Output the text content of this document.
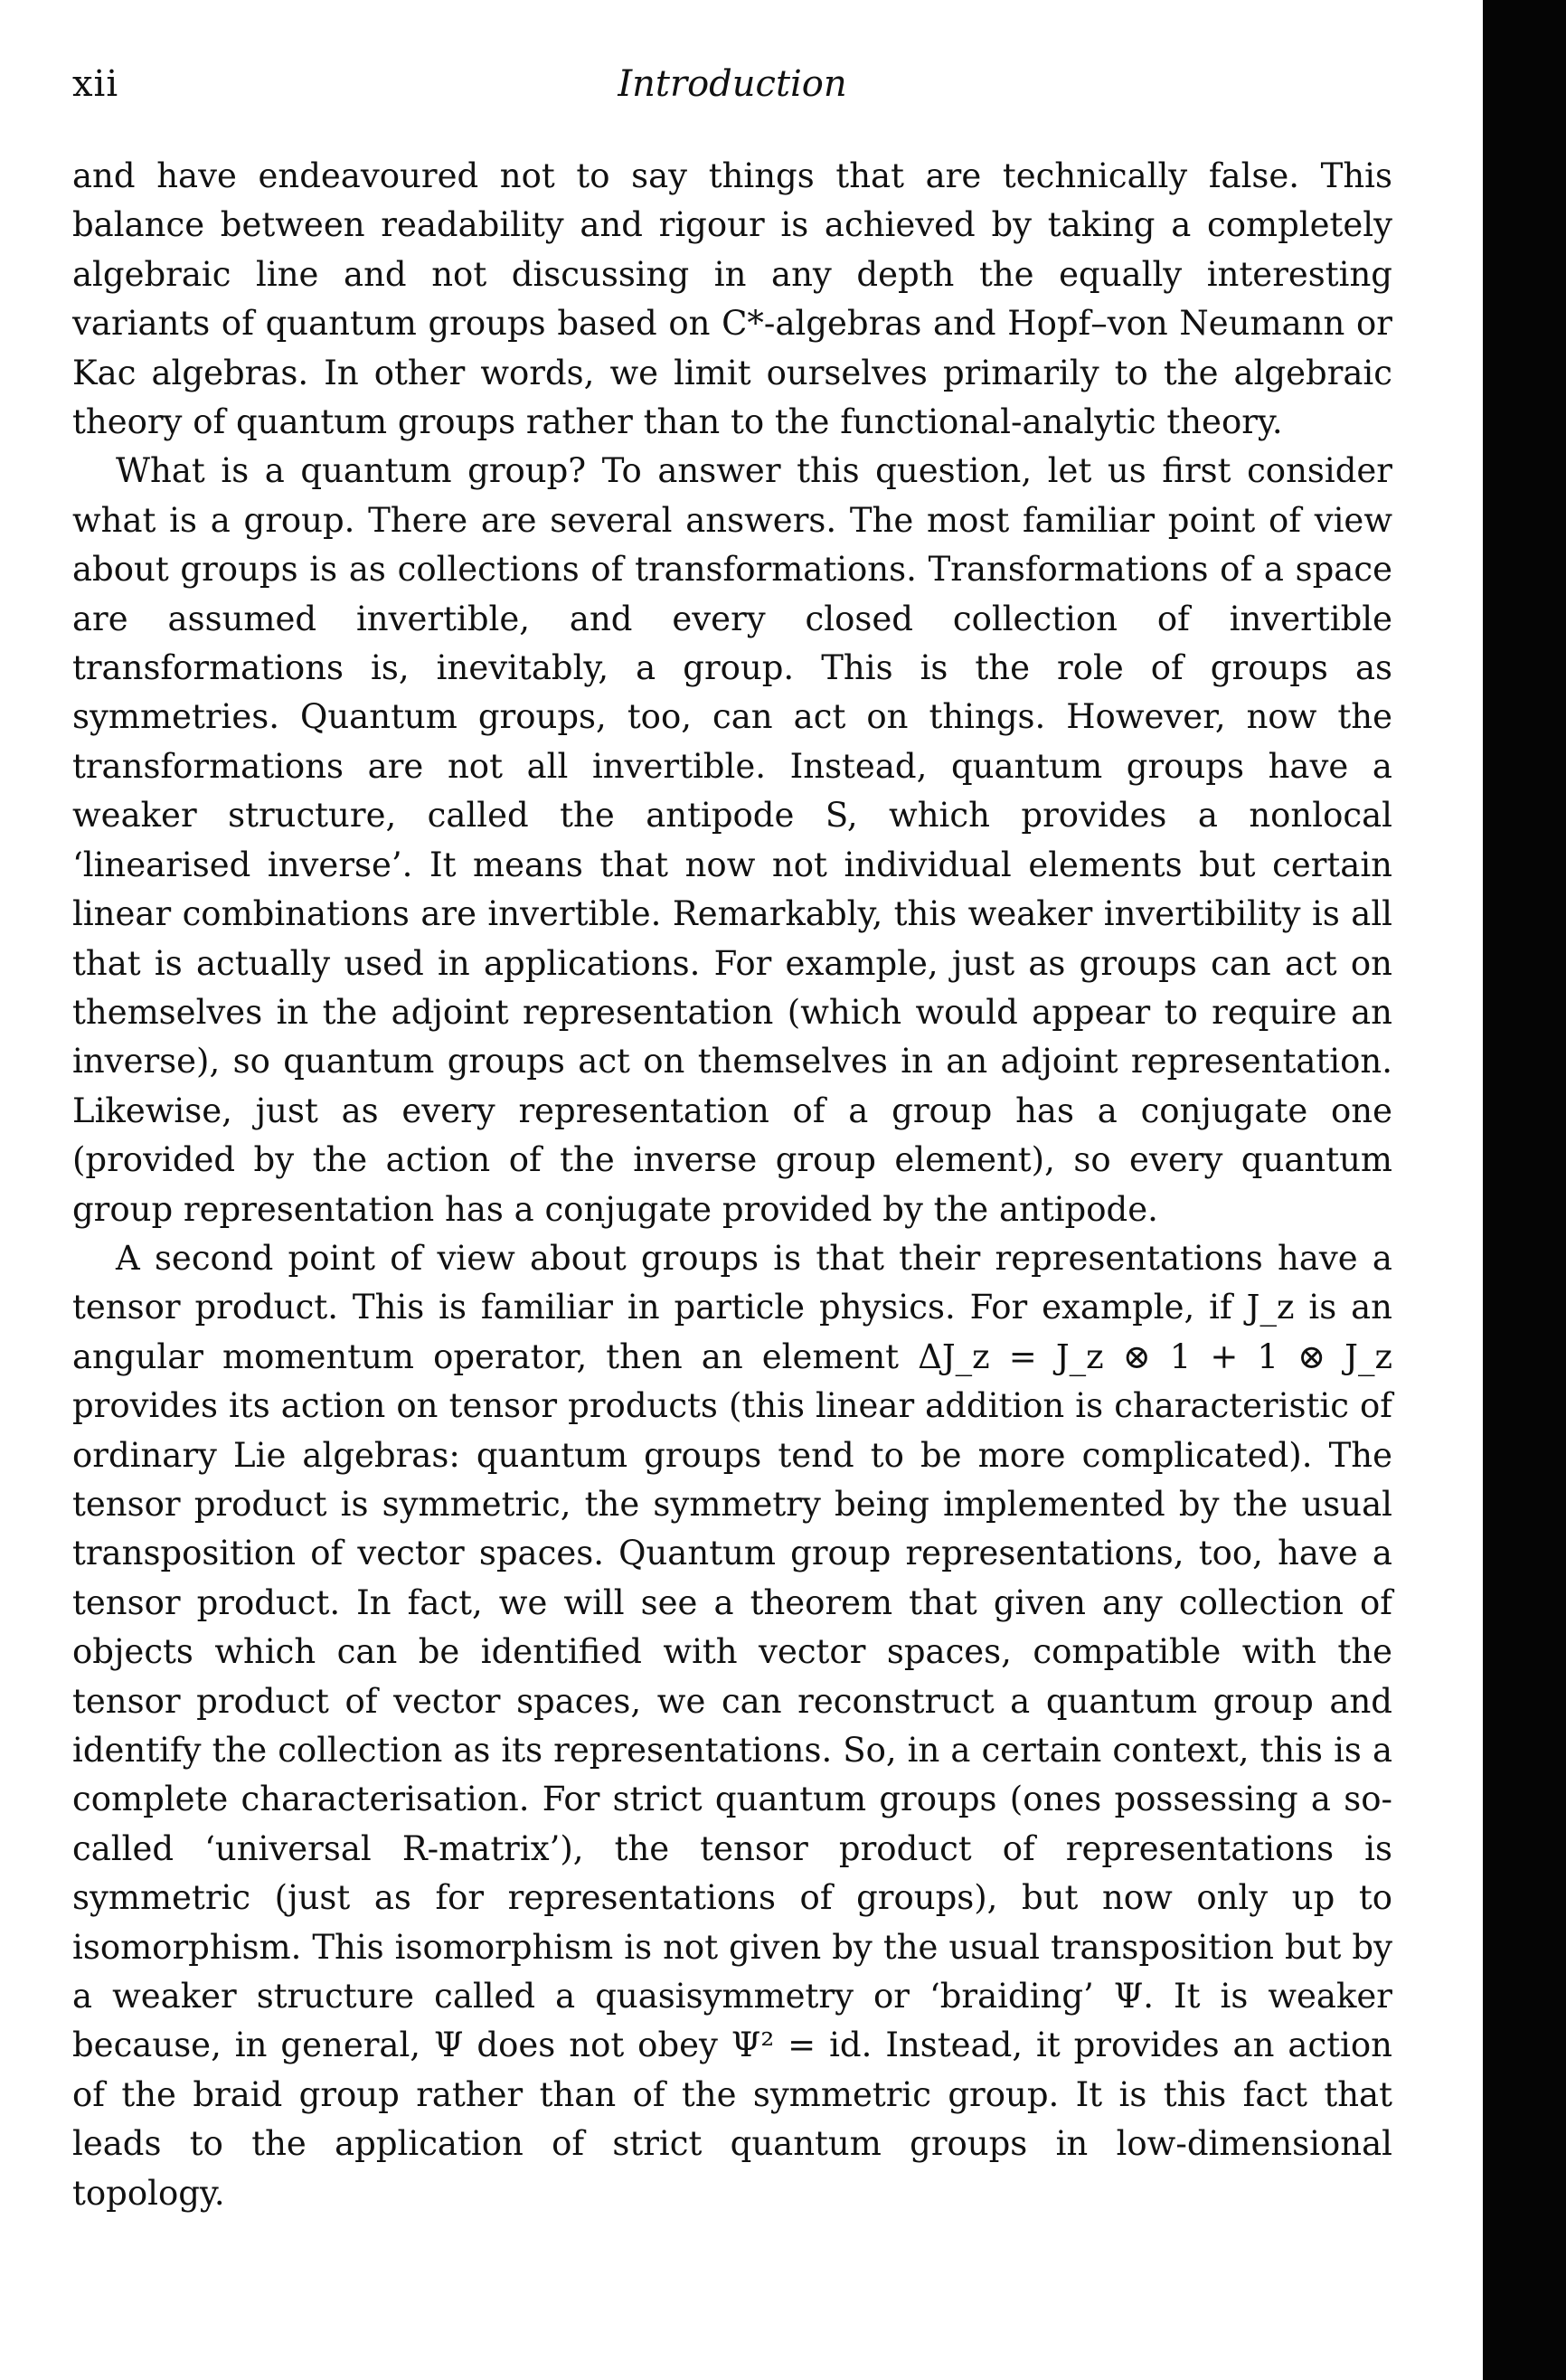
xii	Introduction

and have endeavoured not to say things that are technically false. This balance between readability and rigour is achieved by taking a completely algebraic line and not discussing in any depth the equally interesting variants of quantum groups based on C*-algebras and Hopf–von Neumann or Kac algebras. In other words, we limit ourselves primarily to the algebraic theory of quantum groups rather than to the functional-analytic theory.

What is a quantum group? To answer this question, let us first consider what is a group. There are several answers. The most familiar point of view about groups is as collections of transformations. Transformations of a space are assumed invertible, and every closed collection of invertible transformations is, inevitably, a group. This is the role of groups as symmetries. Quantum groups, too, can act on things. However, now the transformations are not all invertible. Instead, quantum groups have a weaker structure, called the antipode S, which provides a nonlocal ‘linearised inverse’. It means that now not individual elements but certain linear combinations are invertible. Remarkably, this weaker invertibility is all that is actually used in applications. For example, just as groups can act on themselves in the adjoint representation (which would appear to require an inverse), so quantum groups act on themselves in an adjoint representation. Likewise, just as every representation of a group has a conjugate one (provided by the action of the inverse group element), so every quantum group representation has a conjugate provided by the antipode.

A second point of view about groups is that their representations have a tensor product. This is familiar in particle physics. For example, if J_z is an angular momentum operator, then an element ΔJ_z = J_z ⊗ 1 + 1 ⊗ J_z provides its action on tensor products (this linear addition is characteristic of ordinary Lie algebras: quantum groups tend to be more complicated). The tensor product is symmetric, the symmetry being implemented by the usual transposition of vector spaces. Quantum group representations, too, have a tensor product. In fact, we will see a theorem that given any collection of objects which can be identified with vector spaces, compatible with the tensor product of vector spaces, we can reconstruct a quantum group and identify the collection as its representations. So, in a certain context, this is a complete characterisation. For strict quantum groups (ones possessing a so-called ‘universal R-matrix’), the tensor product of representations is symmetric (just as for representations of groups), but now only up to isomorphism. This isomorphism is not given by the usual transposition but by a weaker structure called a quasisymmetry or ‘braiding’ Ψ. It is weaker because, in general, Ψ does not obey Ψ² = id. Instead, it provides an action of the braid group rather than of the symmetric group. It is this fact that leads to the application of strict quantum groups in low-dimensional topology.
